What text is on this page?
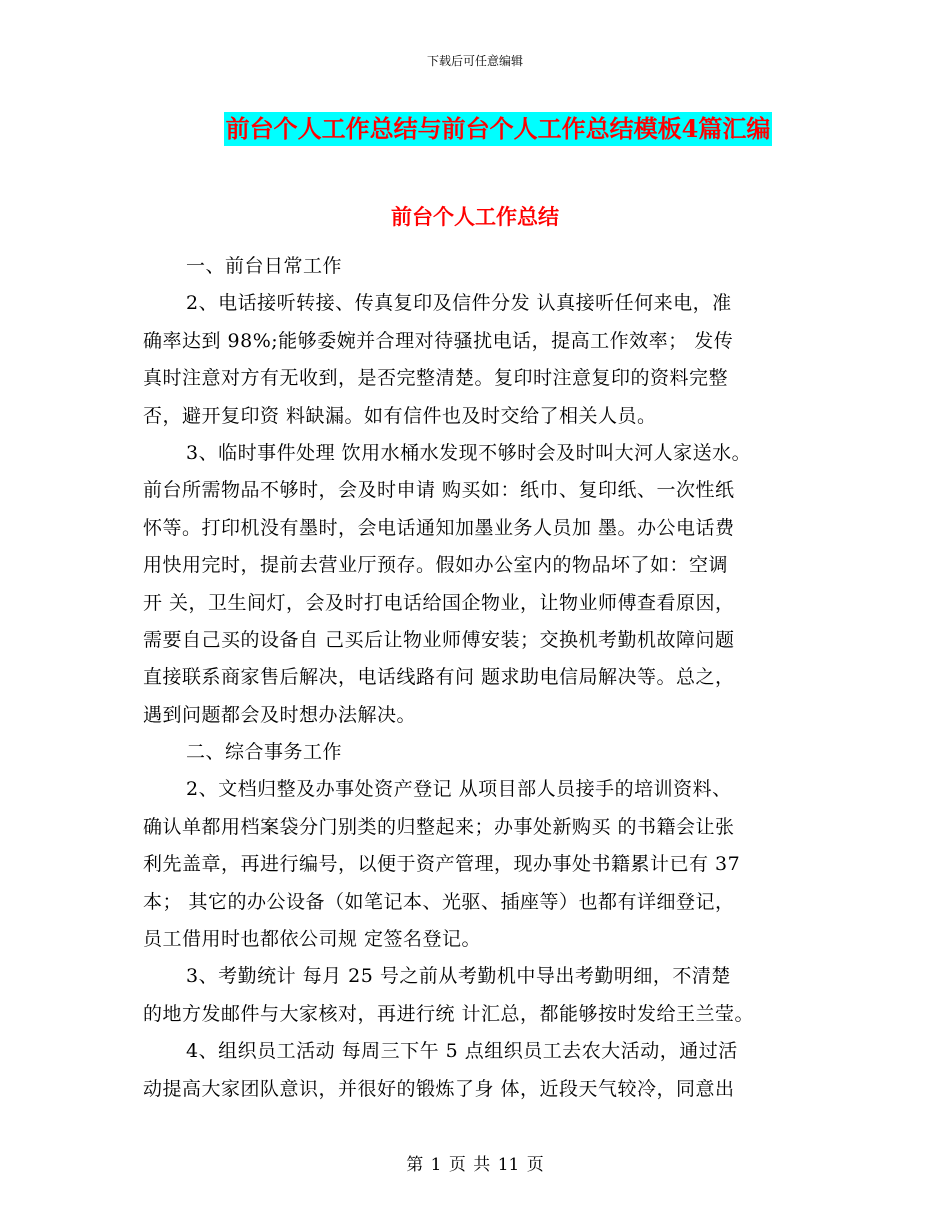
下载后可任意编辑
前台个人工作总结与前台个人工作总结模板4篇汇编
前台个人工作总结
一、前台日常工作
2、电话接听转接、传真复印及信件分发 认真接听任何来电，准
确率达到 98%;能够委婉并合理对待骚扰电话，提高工作效率； 发传
真时注意对方有无收到，是否完整清楚。复印时注意复印的资料完整
否，避开复印资 料缺漏。如有信件也及时交给了相关人员。
3、临时事件处理 饮用水桶水发现不够时会及时叫大河人家送水。
前台所需物品不够时，会及时申请 购买如：纸巾、复印纸、一次性纸
怀等。打印机没有墨时，会电话通知加墨业务人员加 墨。办公电话费
用快用完时，提前去营业厅预存。假如办公室内的物品坏了如：空调
开 关，卫生间灯，会及时打电话给国企物业，让物业师傅查看原因，
需要自己买的设备自 己买后让物业师傅安装；交换机考勤机故障问题
直接联系商家售后解决，电话线路有问 题求助电信局解决等。总之，
遇到问题都会及时想办法解决。
二、综合事务工作
2、文档归整及办事处资产登记 从项目部人员接手的培训资料、
确认单都用档案袋分门别类的归整起来；办事处新购买 的书籍会让张
利先盖章，再进行编号，以便于资产管理，现办事处书籍累计已有 37
本； 其它的办公设备（如笔记本、光驱、插座等）也都有详细登记，
员工借用时也都依公司规 定签名登记。
3、考勤统计 每月 25 号之前从考勤机中导出考勤明细，不清楚
的地方发邮件与大家核对，再进行统 计汇总，都能够按时发给王兰莹。
4、组织员工活动 每周三下午 5 点组织员工去农大活动，通过活
动提高大家团队意识，并很好的锻炼了身 体，近段天气较冷，同意出
第 1 页 共 11 页
